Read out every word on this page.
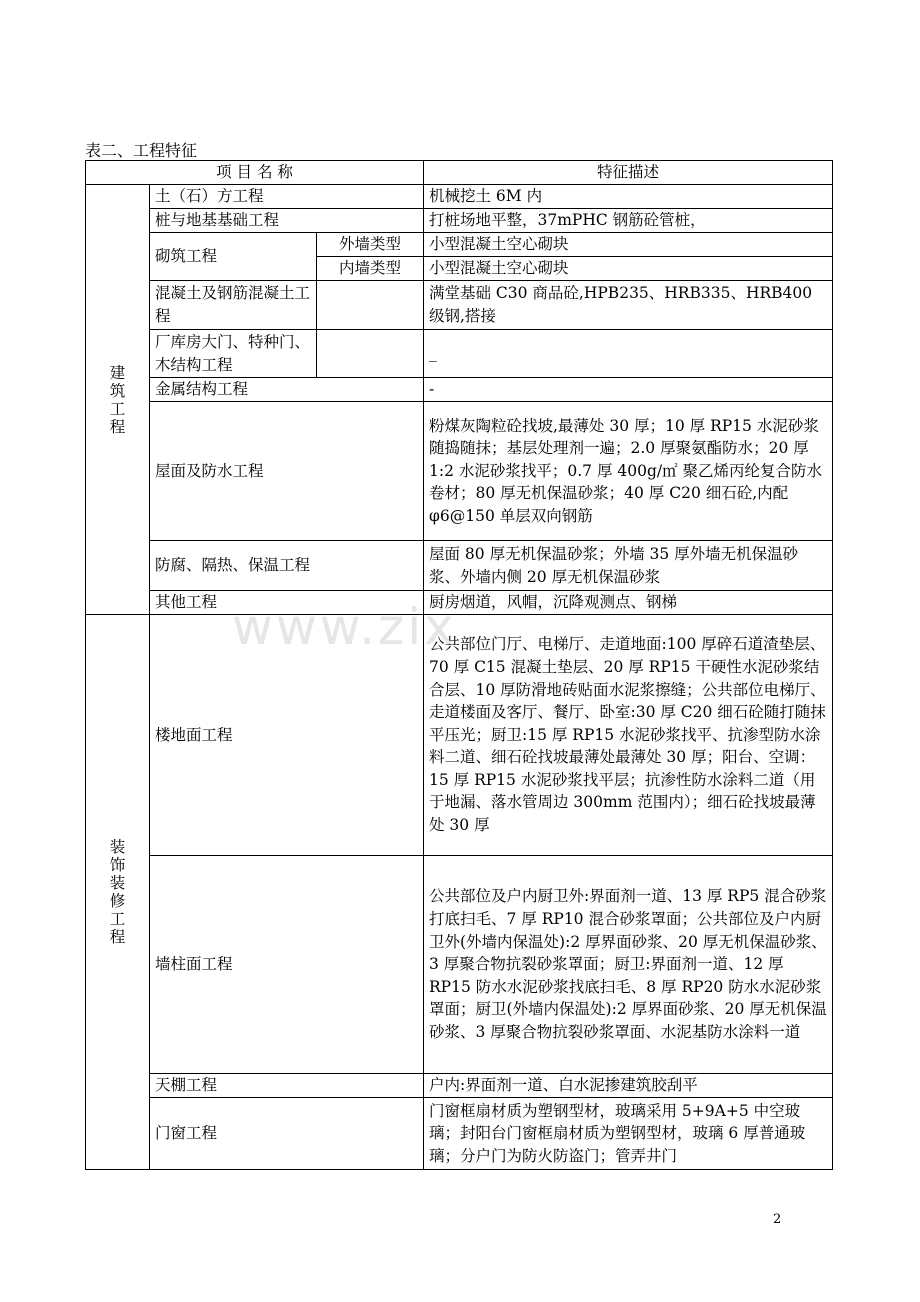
表二、工程特征
项 目 名 称			特征描述
建筑工程	土（石）方工程		机械挖土 6M 内
	桩与地基基础工程		打桩场地平整，37mPHC 钢筋砼管桩，
	砌筑工程	外墙类型	小型混凝土空心砌块
		内墙类型	小型混凝土空心砌块
	混凝土及钢筋混凝土工程		满堂基础 C30 商品砼,HPB235、HRB335、HRB400 级钢,搭接
	厂库房大门、特种门、木结构工程		_
	金属结构工程		-
	屋面及防水工程		粉煤灰陶粒砼找坡,最薄处 30 厚；10 厚 RP15 水泥砂浆随捣随抹；基层处理剂一遍；2.0 厚聚氨酯防水；20 厚 1:2 水泥砂浆找平；0.7 厚 400g/㎡ 聚乙烯丙纶复合防水卷材；80 厚无机保温砂浆；40 厚 C20 细石砼,内配φ6@150 单层双向钢筋
	防腐、隔热、保温工程		屋面 80 厚无机保温砂浆；外墙 35 厚外墙无机保温砂浆、外墙内侧 20 厚无机保温砂浆
	其他工程		厨房烟道，风帽，沉降观测点、钢梯
装饰装修工程	楼地面工程		公共部位门厅、电梯厅、走道地面:100 厚碎石道渣垫层、70 厚 C15 混凝土垫层、20 厚 RP15 干硬性水泥砂浆结合层、10 厚防滑地砖贴面水泥浆擦缝；公共部位电梯厅、走道楼面及客厅、餐厅、卧室:30 厚 C20 细石砼随打随抹平压光；厨卫:15 厚 RP15 水泥砂浆找平、抗渗型防水涂料二道、细石砼找坡最薄处最薄处 30 厚；阳台、空调：15 厚 RP15 水泥砂浆找平层；抗渗性防水涂料二道（用于地漏、落水管周边 300mm 范围内）；细石砼找坡最薄处 30 厚
	墙柱面工程		公共部位及户内厨卫外:界面剂一道、13 厚 RP5 混合砂浆打底扫毛、7 厚 RP10 混合砂浆罩面；公共部位及户内厨卫外(外墙内保温处):2 厚界面砂浆、20 厚无机保温砂浆、3 厚聚合物抗裂砂浆罩面；厨卫:界面剂一道、12 厚 RP15 防水水泥砂浆找底扫毛、8 厚 RP20 防水水泥砂浆罩面；厨卫(外墙内保温处):2 厚界面砂浆、20 厚无机保温砂浆、3 厚聚合物抗裂砂浆罩面、水泥基防水涂料一道
	天棚工程		户内:界面剂一道、白水泥掺建筑胶刮平
	门窗工程		门窗框扇材质为塑钢型材，玻璃采用 5+9A+5 中空玻璃；封阳台门窗框扇材质为塑钢型材，玻璃 6 厚普通玻璃；分户门为防火防盗门；管弄井门
www.zix
2
